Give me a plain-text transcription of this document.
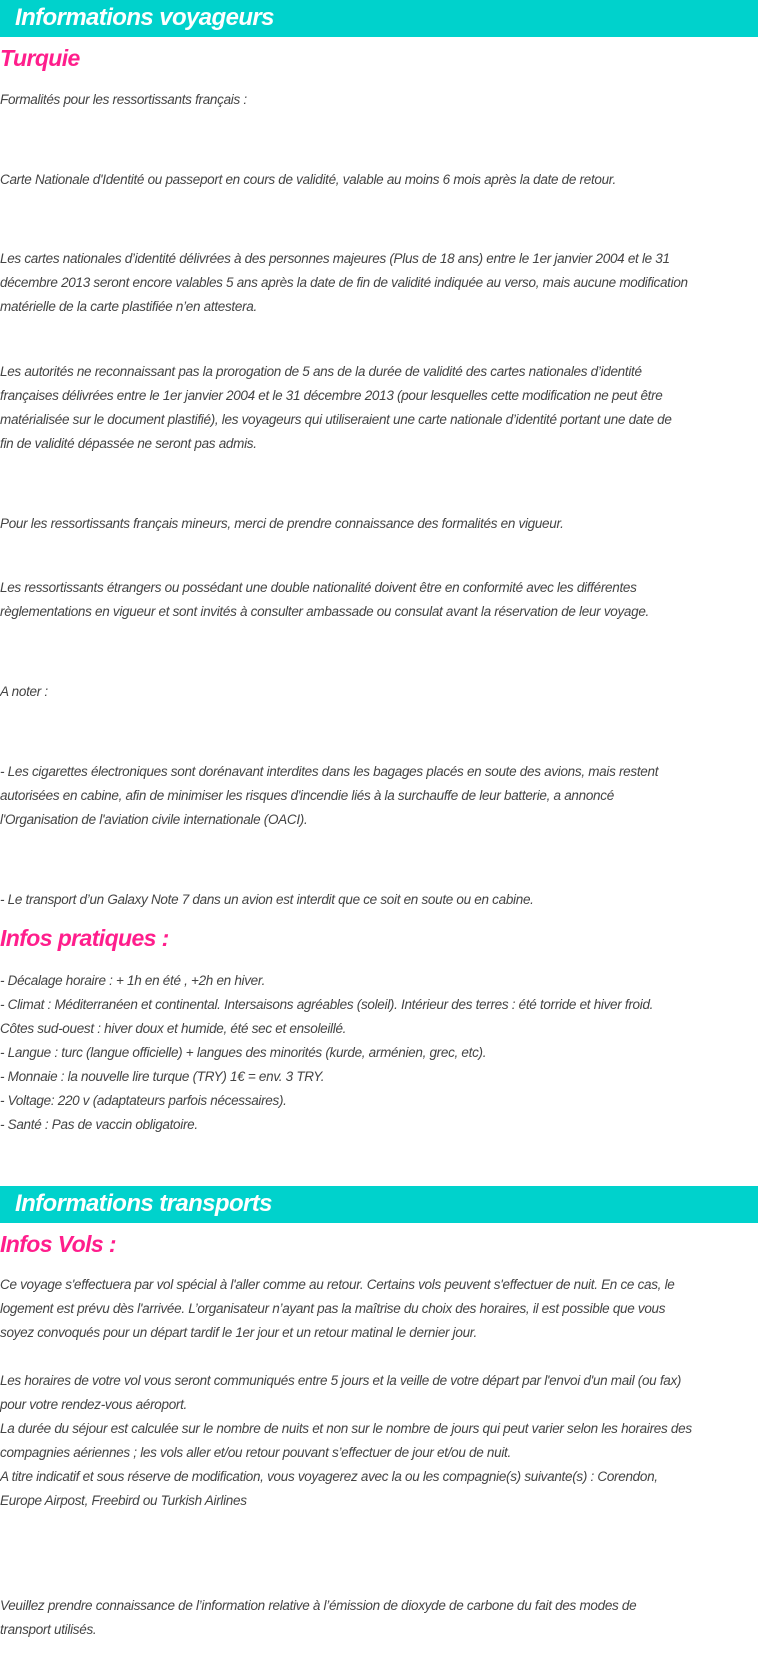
Informations voyageurs
Turquie
Formalités pour les ressortissants français :
Carte Nationale d'Identité ou passeport en cours de validité, valable au moins 6 mois après la date de retour.
Les cartes nationales d’identité délivrées à des personnes majeures (Plus de 18 ans) entre le 1er janvier 2004 et le 31
décembre 2013 seront encore valables 5 ans après la date de fin de validité indiquée au verso, mais aucune modification
matérielle de la carte plastifiée n’en attestera.
Les autorités ne reconnaissant pas la prorogation de 5 ans de la durée de validité des cartes nationales d’identité
françaises délivrées entre le 1er janvier 2004 et le 31 décembre 2013 (pour lesquelles cette modification ne peut être
matérialisée sur le document plastifié), les voyageurs qui utiliseraient une carte nationale d’identité portant une date de
fin de validité dépassée ne seront pas admis.
Pour les ressortissants français mineurs, merci de prendre connaissance des formalités en vigueur.
Les ressortissants étrangers ou possédant une double nationalité doivent être en conformité avec les différentes
règlementations en vigueur et sont invités à consulter ambassade ou consulat avant la réservation de leur voyage.
A noter :
- Les cigarettes électroniques sont dorénavant interdites dans les bagages placés en soute des avions, mais restent
autorisées en cabine, afin de minimiser les risques d'incendie liés à la surchauffe de leur batterie, a annoncé
l'Organisation de l'aviation civile internationale (OACI).
- Le transport d’un Galaxy Note 7 dans un avion est interdit que ce soit en soute ou en cabine.
Infos pratiques :
- Décalage horaire : + 1h en été , +2h en hiver.
- Climat : Méditerranéen et continental. Intersaisons agréables (soleil). Intérieur des terres : été torride et hiver froid.
Côtes sud-ouest : hiver doux et humide, été sec et ensoleillé.
- Langue : turc (langue officielle) + langues des minorités (kurde, arménien, grec, etc).
- Monnaie : la nouvelle lire turque (TRY) 1€ = env. 3 TRY.
- Voltage: 220 v (adaptateurs parfois nécessaires).
- Santé : Pas de vaccin obligatoire.
Informations transports
Infos Vols :
Ce voyage s'effectuera par vol spécial à l'aller comme au retour. Certains vols peuvent s'effectuer de nuit. En ce cas, le
logement est prévu dès l'arrivée. L’organisateur n’ayant pas la maîtrise du choix des horaires, il est possible que vous
soyez convoqués pour un départ tardif le 1er jour et un retour matinal le dernier jour.
Les horaires de votre vol vous seront communiqués entre 5 jours et la veille de votre départ par l'envoi d'un mail (ou fax)
pour votre rendez-vous aéroport.
La durée du séjour est calculée sur le nombre de nuits et non sur le nombre de jours qui peut varier selon les horaires des
compagnies aériennes ; les vols aller et/ou retour pouvant s’effectuer de jour et/ou de nuit.
A titre indicatif et sous réserve de modification, vous voyagerez avec la ou les compagnie(s) suivante(s) : Corendon,
Europe Airpost, Freebird ou Turkish Airlines
Veuillez prendre connaissance de l’information relative à l’émission de dioxyde de carbone du fait des modes de
transport utilisés.
